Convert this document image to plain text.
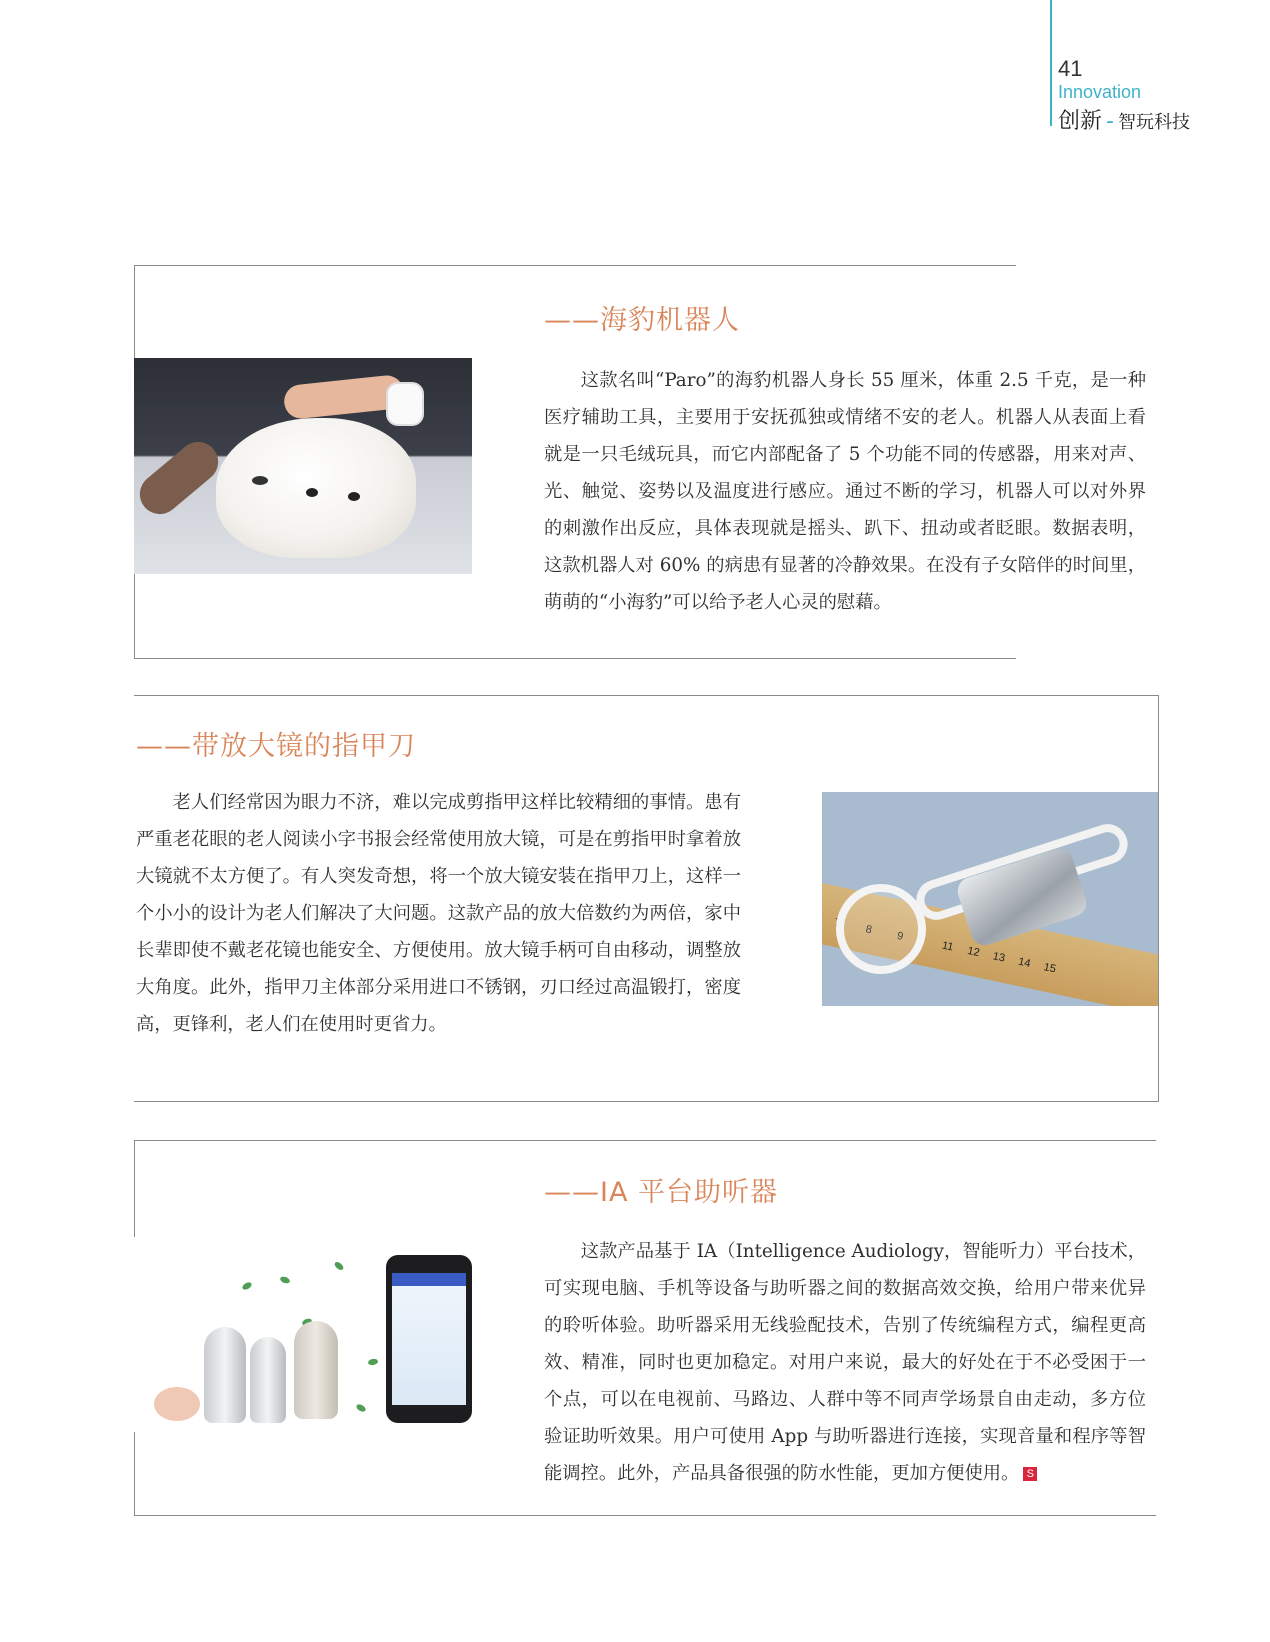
41
Innovation
创新 - 智玩科技
——海豹机器人

这款名叫“Paro”的海豹机器人身长 55 厘米，体重 2.5 千克，是一种医疗辅助工具，主要用于安抚孤独或情绪不安的老人。机器人从表面上看就是一只毛绒玩具，而它内部配备了 5 个功能不同的传感器，用来对声、光、触觉、姿势以及温度进行感应。通过不断的学习，机器人可以对外界的刺激作出反应，具体表现就是摇头、趴下、扭动或者眨眼。数据表明，这款机器人对 60% 的病患有显著的冷静效果。在没有子女陪伴的时间里，萌萌的“小海豹”可以给予老人心灵的慰藉。

——带放大镜的指甲刀

老人们经常因为眼力不济，难以完成剪指甲这样比较精细的事情。患有严重老花眼的老人阅读小字书报会经常使用放大镜，可是在剪指甲时拿着放大镜就不太方便了。有人突发奇想，将一个放大镜安装在指甲刀上，这样一个小小的设计为老人们解决了大问题。这款产品的放大倍数约为两倍，家中长辈即使不戴老花镜也能安全、方便使用。放大镜手柄可自由移动，调整放大角度。此外，指甲刀主体部分采用进口不锈钢，刃口经过高温锻打，密度高，更锋利，老人们在使用时更省力。

7
8
9
11 12 13 14 15
——IA 平台助听器

这款产品基于 IA（Intelligence Audiology，智能听力）平台技术，可实现电脑、手机等设备与助听器之间的数据高效交换，给用户带来优异的聆听体验。助听器采用无线验配技术，告别了传统编程方式，编程更高效、精准，同时也更加稳定。对用户来说，最大的好处在于不必受困于一个点，可以在电视前、马路边、人群中等不同声学场景自由走动，多方位验证助听效果。用户可使用 App 与助听器进行连接，实现音量和程序等智能调控。此外，产品具备很强的防水性能，更加方便使用。 S
